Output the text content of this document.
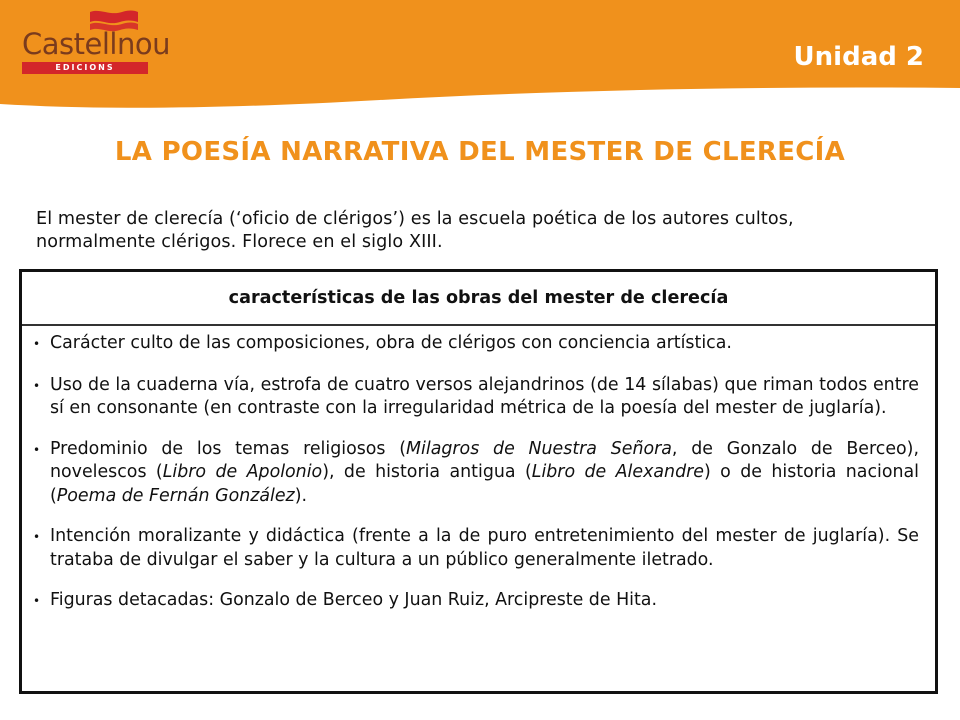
Castellnou
EDICIONS	Unidad 2
LA POESÍA NARRATIVA DEL MESTER DE CLERECÍA
El mester de clerecía (‘oficio de clérigos’) es la escuela poética de los autores cultos, normalmente clérigos. Florece en el siglo XIII.
características de las obras del mester de clerecía
• Carácter culto de las composiciones, obra de clérigos con conciencia artística.
• Uso de la cuaderna vía, estrofa de cuatro versos alejandrinos (de 14 sílabas) que riman todos entre sí en consonante (en contraste con la irregularidad métrica de la poesía del mester de juglaría).
• Predominio de los temas religiosos (Milagros de Nuestra Señora, de Gonzalo de Berceo), novelescos (Libro de Apolonio), de historia antigua (Libro de Alexandre) o de historia nacional (Poema de Fernán González).
• Intención moralizante y didáctica (frente a la de puro entretenimiento del mester de juglaría). Se trataba de divulgar el saber y la cultura a un público generalmente iletrado.
• Figuras detacadas: Gonzalo de Berceo y Juan Ruiz, Arcipreste de Hita.
